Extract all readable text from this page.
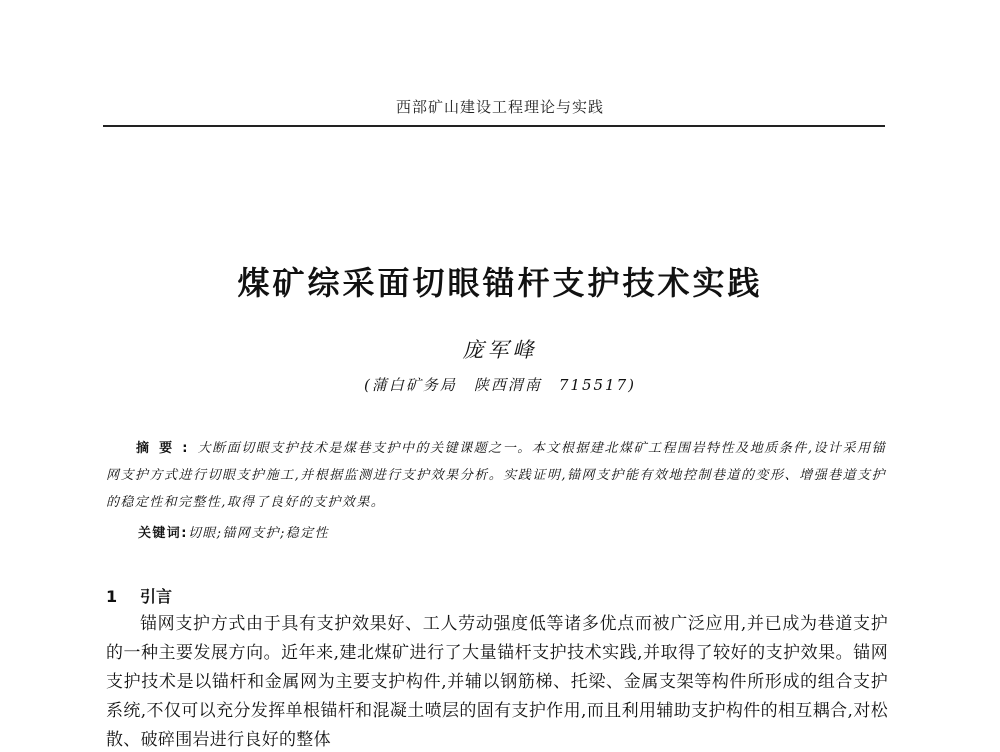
西部矿山建设工程理论与实践
煤矿综采面切眼锚杆支护技术实践
庞军峰
(蒲白矿务局　陕西渭南　715517)
摘要:大断面切眼支护技术是煤巷支护中的关键课题之一。本文根据建北煤矿工程围岩特性及地质条件,设计采用锚网支护方式进行切眼支护施工,并根据监测进行支护效果分析。实践证明,锚网支护能有效地控制巷道的变形、增强巷道支护的稳定性和完整性,取得了良好的支护效果。
关键词:切眼;锚网支护;稳定性
1 引言

锚网支护方式由于具有支护效果好、工人劳动强度低等诸多优点而被广泛应用,并已成为巷道支护的一种主要发展方向。近年来,建北煤矿进行了大量锚杆支护技术实践,并取得了较好的支护效果。锚网支护技术是以锚杆和金属网为主要支护构件,并辅以钢筋梯、托梁、金属支架等构件所形成的组合支护系统,不仅可以充分发挥单根锚杆和混凝土喷层的固有支护作用,而且利用辅助支护构件的相互耦合,对松散、破碎围岩进行良好的整体
